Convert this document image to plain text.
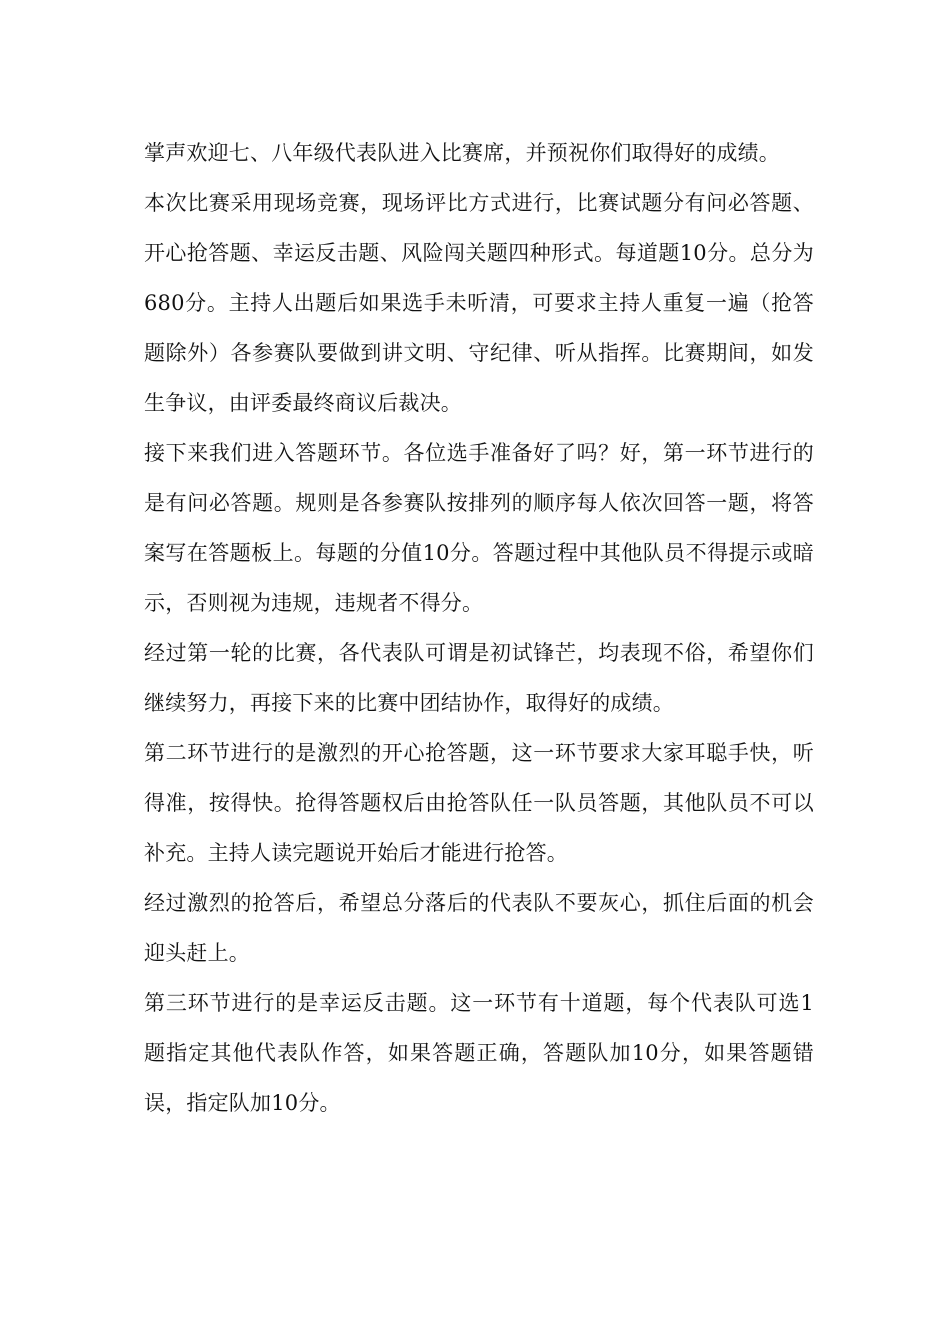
掌声欢迎七、八年级代表队进入比赛席，并预祝你们取得好的成绩。

本次比赛采用现场竞赛，现场评比方式进行，比赛试题分有问必答题、开心抢答题、幸运反击题、风险闯关题四种形式。每道题10分。总分为680分。主持人出题后如果选手未听清，可要求主持人重复一遍（抢答题除外）各参赛队要做到讲文明、守纪律、听从指挥。比赛期间，如发生争议，由评委最终商议后裁决。

接下来我们进入答题环节。各位选手准备好了吗？好，第一环节进行的是有问必答题。规则是各参赛队按排列的顺序每人依次回答一题，将答案写在答题板上。每题的分值10分。答题过程中其他队员不得提示或暗示，否则视为违规，违规者不得分。

经过第一轮的比赛，各代表队可谓是初试锋芒，均表现不俗，希望你们继续努力，再接下来的比赛中团结协作，取得好的成绩。

第二环节进行的是激烈的开心抢答题，这一环节要求大家耳聪手快，听得准，按得快。抢得答题权后由抢答队任一队员答题，其他队员不可以补充。主持人读完题说开始后才能进行抢答。

经过激烈的抢答后，希望总分落后的代表队不要灰心，抓住后面的机会迎头赶上。

第三环节进行的是幸运反击题。这一环节有十道题，每个代表队可选1题指定其他代表队作答，如果答题正确，答题队加10分，如果答题错误，指定队加10分。
